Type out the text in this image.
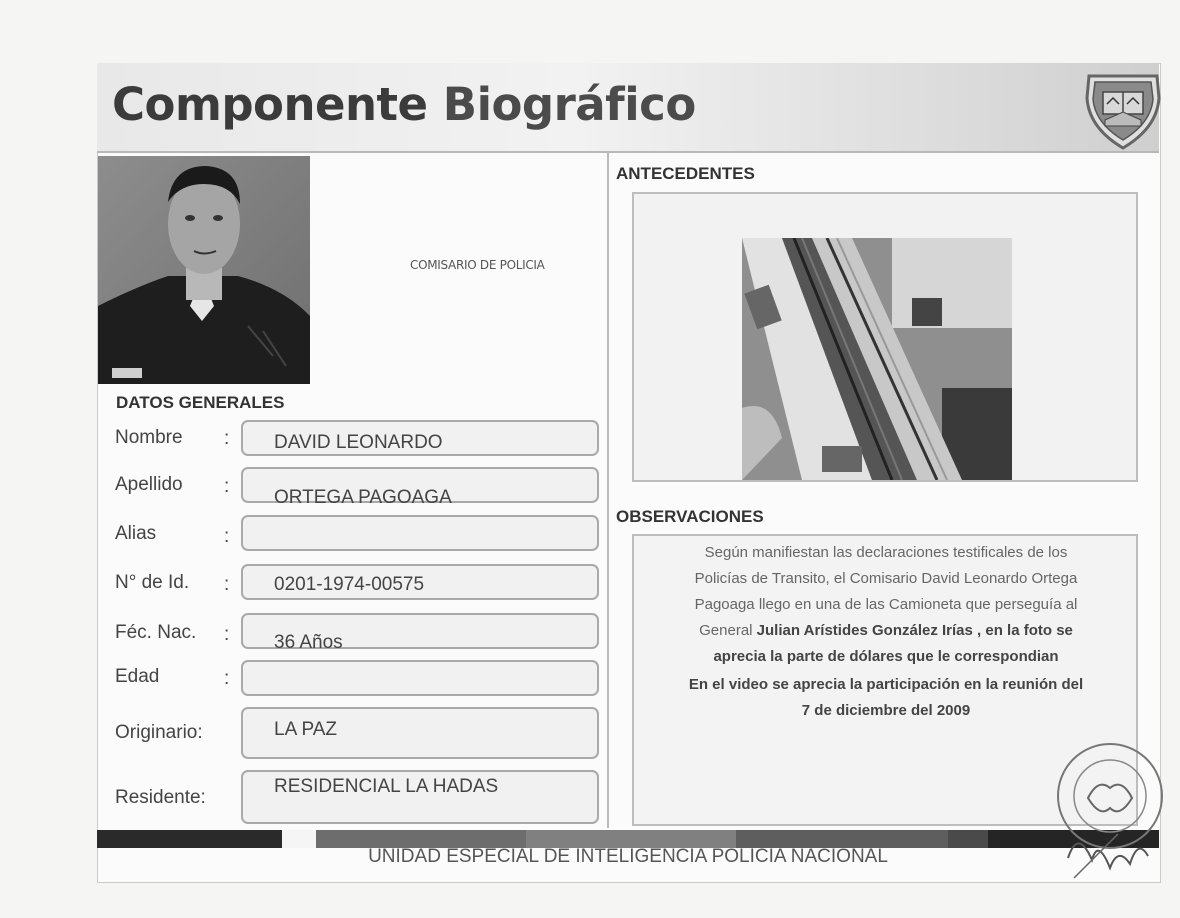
Componente Biográfico
COMISARIO DE POLICIA
DATOS GENERALES
Nombre : DAVID LEONARDO
Apellido :
ORTEGA PAGOAGA
Alias	:
N° de Id. : 0201-1974-00575
Féc. Nac. : 36 Años
Edad	:
Originario:	LA PAZ
Residente:
RESIDENCIAL LA HADAS
ANTECEDENTES
OBSERVACIONES
Según manifiestan las declaraciones testificales de los
Policías de Transito, el Comisario David Leonardo Ortega
Pagoaga llego en una de las Camioneta que perseguía al
General Julian Arístides González Irías , en la foto se
aprecia la parte de dólares que le correspondian
En el video se aprecia la participación en la reunión del
7 de diciembre del 2009
UNIDAD ESPECIAL DE INTELIGENCIA POLICIA NACIONAL
